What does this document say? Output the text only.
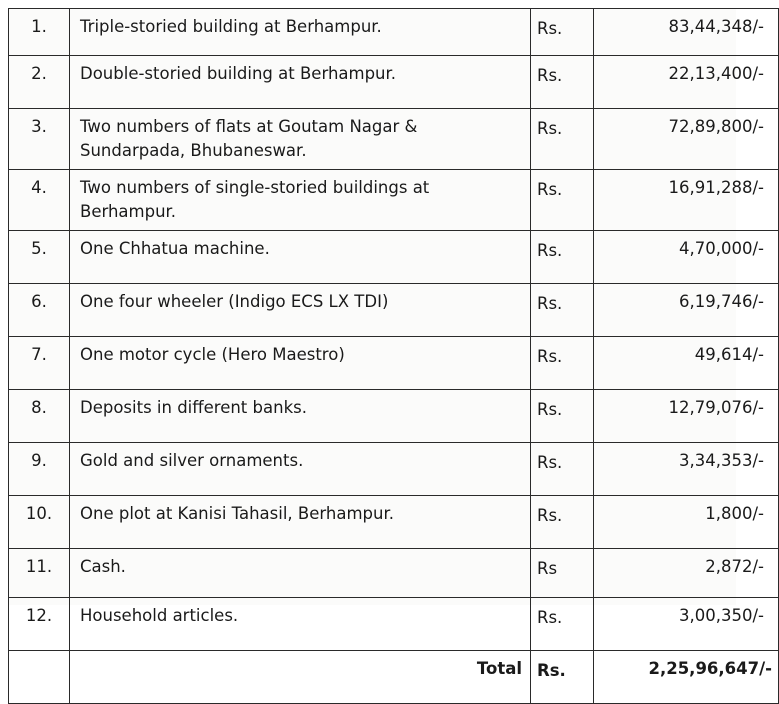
1.	Triple-storied building at Berhampur.	Rs.	83,44,348/-
2.	Double-storied building at Berhampur.	Rs.	22,13,400/-
3.	Two numbers of flats at Goutam Nagar &
Sundarpada, Bhubaneswar.	Rs.	72,89,800/-
4.	Two numbers of single-storied buildings at
Berhampur.	Rs.	16,91,288/-
5.	One Chhatua machine.	Rs.	4,70,000/-
6.	One four wheeler (Indigo ECS LX TDI)	Rs.	6,19,746/-
7.	One motor cycle (Hero Maestro)	Rs.	49,614/-
8.	Deposits in different banks.	Rs.	12,79,076/-
9.	Gold and silver ornaments.	Rs.	3,34,353/-
10.	One plot at Kanisi Tahasil, Berhampur.	Rs.	1,800/-
11.	Cash.	Rs	2,872/-
12.	Household articles.	Rs.	3,00,350/-
	Total	Rs.	2,25,96,647/-
